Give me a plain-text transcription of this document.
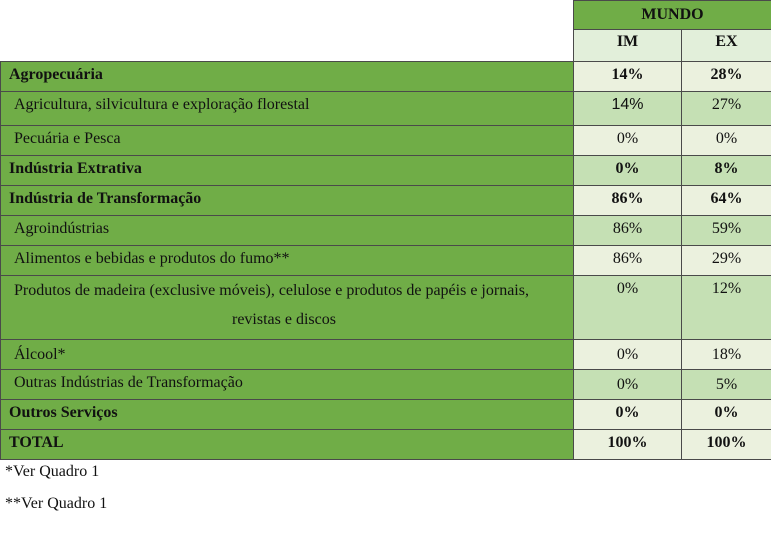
	MUNDO	
	IM	EX
Agropecuária	14%	28%
Agricultura, silvicultura e exploração florestal	14%	27%
Pecuária e Pesca	0%	0%
Indústria Extrativa	0%	8%
Indústria de Transformação	86%	64%
Agroindústrias	86%	59%
Alimentos e bebidas e produtos do fumo**	86%	29%

Produtos de madeira (exclusive móveis), celulose e produtos de papéis e jornais,
revistas e discos	0%	12%
Álcool*	0%	18%
Outras Indústrias de Transformação	0%	5%
Outros Serviços	0%	0%
TOTAL	100%	100%
*Ver Quadro 1
**Ver Quadro 1
